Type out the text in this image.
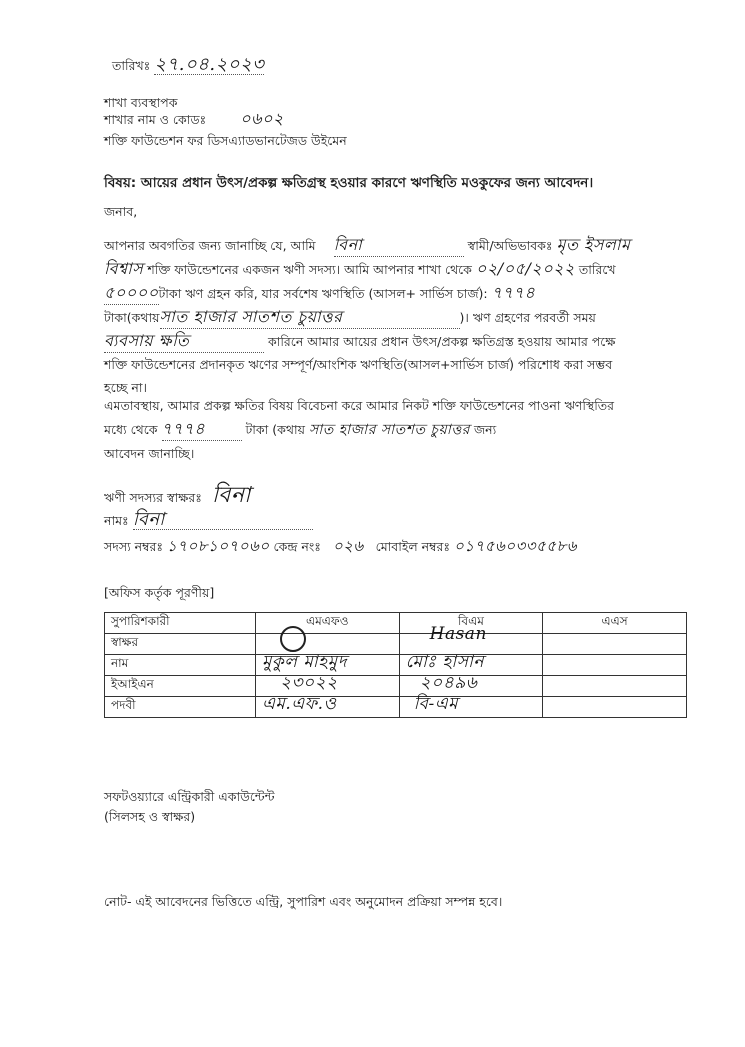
তারিখঃ ২৭.০৪.২০২৩
শাখা ব্যবস্থাপক
শাখার নাম ও কোডঃ ০৬০২
শক্তি ফাউন্ডেশন ফর ডিসএ্যাডভানটেজড উইমেন
বিষয়: আয়ের প্রধান উৎস/প্রকল্প ক্ষতিগ্রস্থ হওয়ার কারণে ঋণস্থিতি মওকুফের জন্য আবেদন।
জনাব,

আপনার অবগতির জন্য জানাচ্ছি যে, আমি বিনা	স্বামী/অভিভাবকঃ মৃত ইসলাম

বিশ্বাস শক্তি ফাউন্ডেশনের একজন ঋণী সদস্য। আমি আপনার শাখা থেকে ০২/০৫/২০২২ তারিখে

৫০০০০টাকা ঋণ গ্রহন করি, যার সর্বশেষ ঋণস্থিতি (আসল+ সার্ভিস চার্জ): ৭৭৭৪

টাকা(কথায়সাত হাজার সাতশত চুয়াত্তর	)। ঋণ গ্রহণের পরবর্তী সময়

ব্যবসায় ক্ষতি	কারিনে আমার আয়ের প্রধান উৎস/প্রকল্প ক্ষতিগ্রস্ত হওয়ায় আমার পক্ষে

শক্তি ফাউন্ডেশনের প্রদানকৃত ঋণের সম্পূর্ণ/আংশিক ঋণস্থিতি(আসল+সার্ভিস চার্জ) পরিশোধ করা সম্ভব

হচ্ছে না।

এমতাবস্থায়, আমার প্রকল্প ক্ষতির বিষয় বিবেচনা করে আমার নিকট শক্তি ফাউন্ডেশনের পাওনা ঋণস্থিতির

মধ্যে থেকে ৭৭৭৪	টাকা (কথায় সাত হাজার সাতশত চুয়াত্তর জন্য

আবেদন জানাচ্ছি।

ঋণী সদস্যর স্বাক্ষরঃ বিনা
নামঃ বিনা
সদস্য নম্বরঃ ১৭০৮১০৭০৬০ কেন্দ্র নংঃ ০২৬ মোবাইল নম্বরঃ ০১৭৫৬০৩৩৫৫৮৬
[অফিস কর্তৃক পূরণীয়]
সুপারিশকারী	এমএফও	বিএম	এএস
স্বাক্ষর		Hasan	

নাম	মুকুল মাহমুদ	মোঃ হাসান	

ইআইএন	২৩০২২	২০৪৯৬	

পদবী	এম.এফ.ও	বি-এম	

সফটওয়্যারে এন্ট্রিকারী একাউন্টেন্ট
(সিলসহ ও স্বাক্ষর)
নোট- এই আবেদনের ভিত্তিতে এন্ট্রি, সুপারিশ এবং অনুমোদন প্রক্রিয়া সম্পন্ন হবে।
